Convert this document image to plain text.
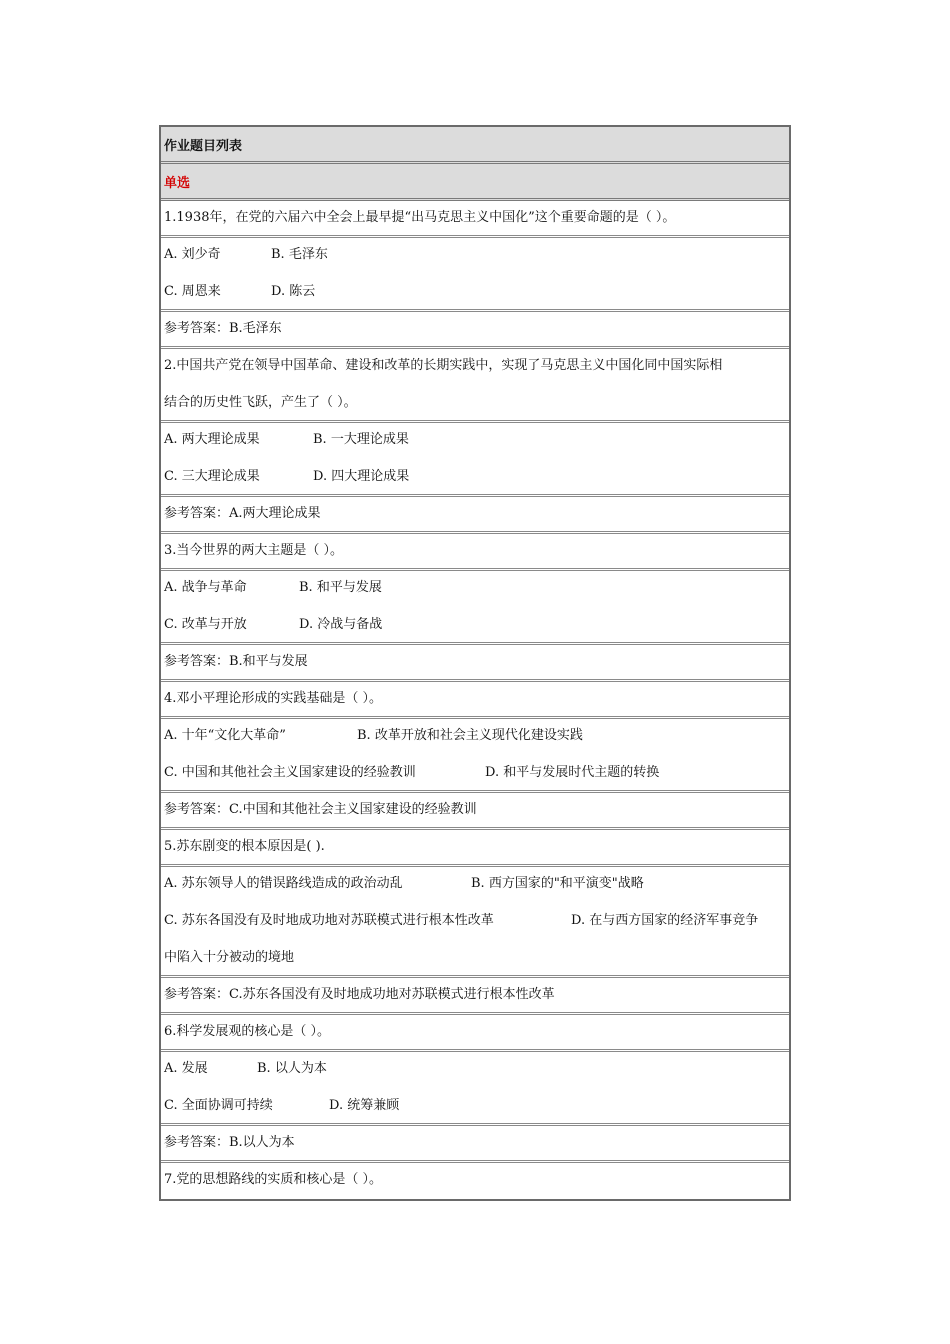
作业题目列表
单选
1.1938年，在党的六届六中全会上最早提“出马克思主义中国化”这个重要命题的是（ ）。
A. 刘少奇	B. 毛泽东
C. 周恩来	D. 陈云
参考答案：B.毛泽东
2.中国共产党在领导中国革命、建设和改革的长期实践中，实现了马克思主义中国化同中国实际相
结合的历史性飞跃，产生了（ ）。
A. 两大理论成果	B. 一大理论成果
C. 三大理论成果	D. 四大理论成果
参考答案：A.两大理论成果
3.当今世界的两大主题是（ ）。
A. 战争与革命	B. 和平与发展
C. 改革与开放	D. 冷战与备战
参考答案：B.和平与发展
4.邓小平理论形成的实践基础是（ ）。
A. 十年“文化大革命”	B. 改革开放和社会主义现代化建设实践
C. 中国和其他社会主义国家建设的经验教训	D. 和平与发展时代主题的转换
参考答案：C.中国和其他社会主义国家建设的经验教训
5.苏东剧变的根本原因是( ).
A. 苏东领导人的错误路线造成的政治动乱	B. 西方国家的"和平演变"战略
C. 苏东各国没有及时地成功地对苏联模式进行根本性改革	D. 在与西方国家的经济军事竞争
中陷入十分被动的境地
参考答案：C.苏东各国没有及时地成功地对苏联模式进行根本性改革
6.科学发展观的核心是（ ）。
A. 发展	B. 以人为本
C. 全面协调可持续	D. 统筹兼顾
参考答案：B.以人为本
7.党的思想路线的实质和核心是（ ）。
